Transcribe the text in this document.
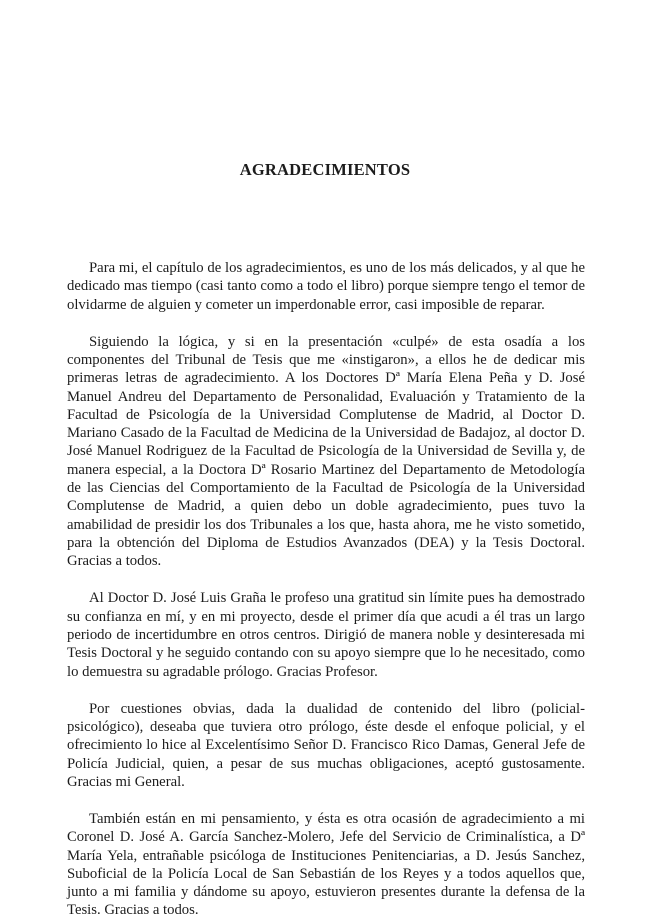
AGRADECIMIENTOS

Para mi, el capítulo de los agradecimientos, es uno de los más delicados, y al que he dedicado mas tiempo (casi tanto como a todo el libro) porque siempre tengo el temor de olvidarme de alguien y cometer un imperdonable error, casi imposible de reparar.

Siguiendo la lógica, y si en la presentación «culpé» de esta osadía a los componentes del Tribunal de Tesis que me «instigaron», a ellos he de dedicar mis primeras letras de agradecimiento. A los Doctores Dª María Elena Peña y D. José Manuel Andreu del Departamento de Personalidad, Evaluación y Tratamiento de la Facultad de Psicología de la Universidad Complutense de Madrid, al Doctor D. Mariano Casado de la Facultad de Medicina de la Universidad de Badajoz, al doctor D. José Manuel Rodriguez de la Facultad de Psicología de la Universidad de Sevilla y, de manera especial, a la Doctora Dª Rosario Martinez del Departamento de Metodología de las Ciencias del Comportamiento de la Facultad de Psicología de la Universidad Complutense de Madrid, a quien debo un doble agradecimiento, pues tuvo la amabilidad de presidir los dos Tribunales a los que, hasta ahora, me he visto sometido, para la obtención del Diploma de Estudios Avanzados (DEA) y la Tesis Doctoral. Gracias a todos.

Al Doctor D. José Luis Graña le profeso una gratitud sin límite pues ha demostrado su confianza en mí, y en mi proyecto, desde el primer día que acudi a él tras un largo periodo de incertidumbre en otros centros. Dirigió de manera noble y desinteresada mi Tesis Doctoral y he seguido contando con su apoyo siempre que lo he necesitado, como lo demuestra su agradable prólogo. Gracias Profesor.

Por cuestiones obvias, dada la dualidad de contenido del libro (policial-psicológico), deseaba que tuviera otro prólogo, éste desde el enfoque policial, y el ofrecimiento lo hice al Excelentísimo Señor D. Francisco Rico Damas, General Jefe de Policía Judicial, quien, a pesar de sus muchas obligaciones, aceptó gustosamente. Gracias mi General.

También están en mi pensamiento, y ésta es otra ocasión de agradecimiento a mi Coronel D. José A. García Sanchez-Molero, Jefe del Servicio de Criminalística, a Dª María Yela, entrañable psicóloga de Instituciones Penitenciarias, a D. Jesús Sanchez, Suboficial de la Policía Local de San Sebastián de los Reyes y a todos aquellos que, junto a mi familia y dándome su apoyo, estuvieron presentes durante la defensa de la Tesis. Gracias a todos.
